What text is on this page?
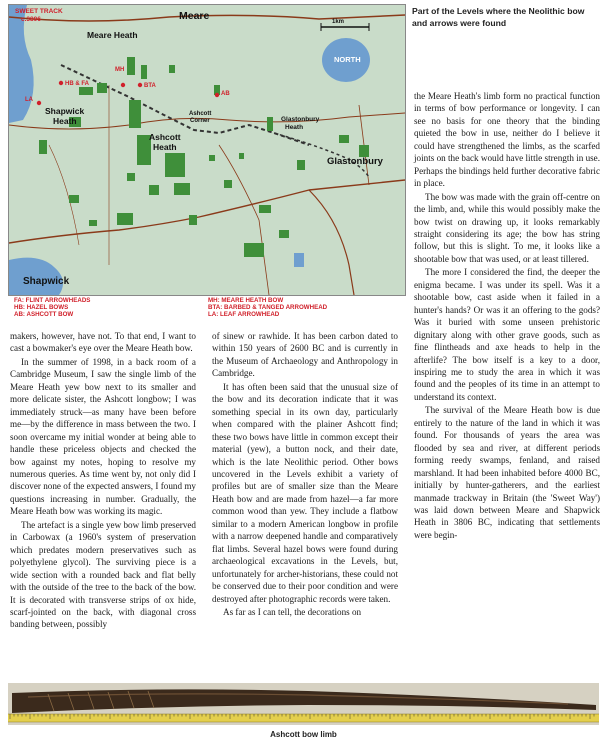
SWEET TRACK
c.3806	Meare
Meare Heath
1km
NORTH
LA
HB & FA
MH
BTA
AB
Shapwick
Heath
Ashcott
Heath
Ashcott
Corner	Glastonbury
Heath
Glastonbury
Shapwick
FA: FLINT ARROWHEADS
HB: HAZEL BOWS
AB: ASHCOTT BOW
MH: MEARE HEATH BOW
BTA: BARBED & TANGED ARROWHEAD
LA: LEAF ARROWHEAD
Part of the Levels where the Neolithic bow and arrows were found

makers, however, have not. To that end, I want to cast a bowmaker's eye over the Meare Heath bow.

In the summer of 1998, in a back room of a Cambridge Museum, I saw the single limb of the Meare Heath yew bow next to its smaller and more delicate sister, the Ashcott longbow; I was immediately struck—as many have been before me—by the difference in mass between the two. I soon overcame my initial wonder at being able to handle these priceless objects and checked the bow against my notes, hoping to resolve my numerous queries. As time went by, not only did I discover none of the expected answers, I found my questions increasing in number. Gradually, the Meare Heath bow was working its magic.

The artefact is a single yew bow limb preserved in Carbowax (a 1960's system of preservation which predates modern preservatives such as polyethylene glycol). The surviving piece is a wide section with a rounded back and flat belly with the outside of the tree to the back of the bow. It is decorated with transverse strips of ox hide, scarf-jointed on the back, with diagonal cross banding between, possibly

of sinew or rawhide. It has been carbon dated to within 150 years of 2600 BC and is currently in the Museum of Archaeology and Anthropology in Cambridge.

It has often been said that the unusual size of the bow and its decoration indicate that it was something special in its own day, particularly when compared with the plainer Ashcott find; these two bows have little in common except their material (yew), a button nock, and their date, which is the late Neolithic period. Other bows uncovered in the Levels exhibit a variety of profiles but are of smaller size than the Meare Heath bow and are made from hazel—a far more common wood than yew. They include a flatbow similar to a modern American longbow in profile with a narrow deepened handle and comparatively flat limbs. Several hazel bows were found during archaeological excavations in the Levels, but, unfortunately for archer-historians, these could not be conserved due to their poor condition and were destroyed after photographic records were taken.

As far as I can tell, the decorations on

the Meare Heath's limb form no practical function in terms of bow performance or longevity. I can see no basis for one theory that the binding quieted the bow in use, neither do I believe it could have strengthened the limbs, as the scarfed joints on the back would have little strength in use. Perhaps the bindings held further decorative fabric in place.

The bow was made with the grain off-centre on the limb, and, while this would possibly make the bow twist on drawing up, it looks remarkably straight considering its age; the bow has string follow, but this is slight. To me, it looks like a shootable bow that was used, or at least tillered.

The more I considered the find, the deeper the enigma became. I was under its spell. Was it a shootable bow, cast aside when it failed in a hunter's hands? Or was it an offering to the gods? Was it buried with some unseen prehistoric dignitary along with other grave goods, such as fine flintheads and axe heads to help in the afterlife? The bow itself is a key to a door, inspiring me to study the area in which it was found and the peoples of its time in an attempt to understand its context.

The survival of the Meare Heath bow is due entirely to the nature of the land in which it was found. For thousands of years the area was flooded by sea and river, at different periods forming reedy swamps, fenland, and raised marshland. It had been inhabited before 4000 BC, initially by hunter-gatherers, and the earliest manmade trackway in Britain (the 'Sweet Way') was laid down between Meare and Shapwick Heath in 3806 BC, indicating that settlements were begin-

Ashcott bow limb
